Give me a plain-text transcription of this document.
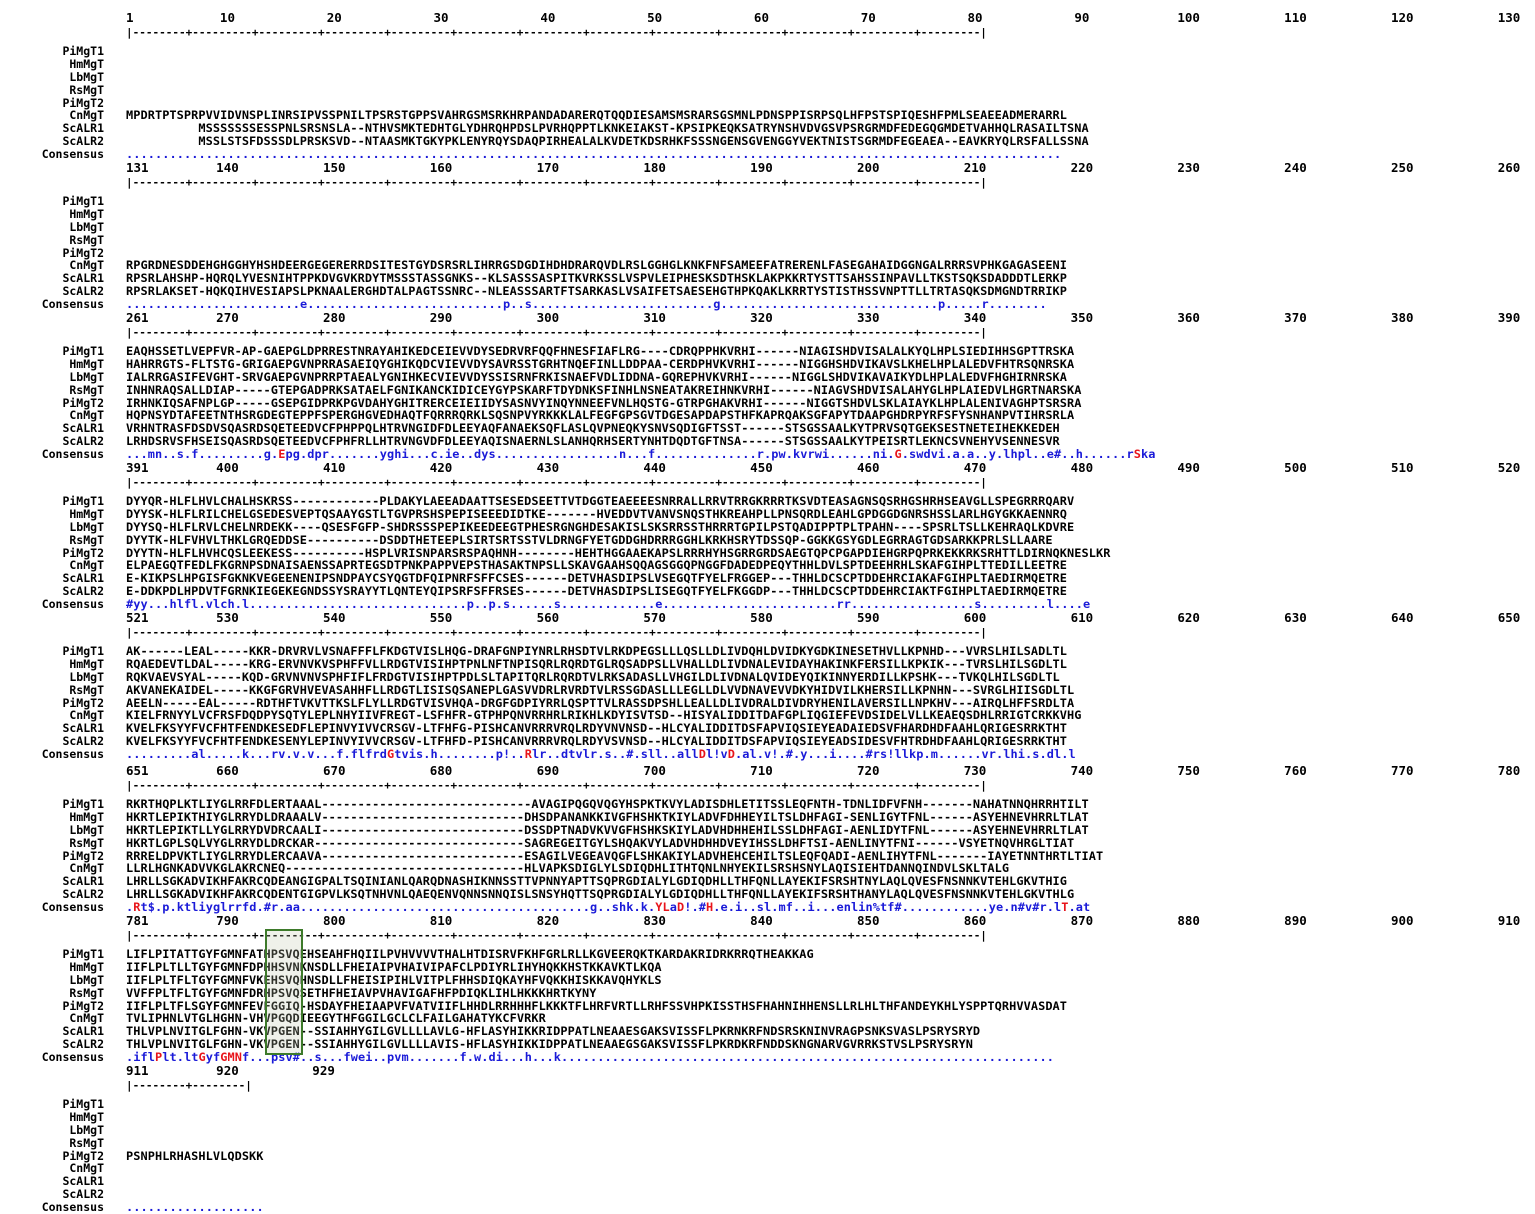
1	10	20	30	40	50	60	70	80	90	100	110	120	130
|--------+---------+---------+---------+---------+---------+---------+---------+---------+---------+---------+---------+---------|
PiMgT1
HmMgT
LbMgT
RsMgT
PiMgT2
CnMgT MPDRTPTSPRPVVIDVNSPLINRSIPVSSPNILTPSRSTGPPSVAHRGSMSRKHRPANDADARERQTQQDIESAMSMSRARSGSMNLPDNSPPISRPSQLHFPSTSPIQESHFPMLSEAEEADMERARRL
ScALR1 MSSSSSSSESSPNLSRSNSLA--NTHVSMKTEDHTGLYDHRQHPDSLPVRHQPPTLKNKEIAKST-KPSIPKEQKSATRYNSHVDVGSVPSRGRMDFEDEGQGMDETVAHHQLRASAILTSNA
ScALR2 MSSLSTSFDSSSDLPRSKSVD--NTAASMKTGKYPKLENYRQYSDAQPIRHEALALKVDETKDSRHKFSSSNGENSGVENGGYVEKTNISTSGRMDFEGEAEA--EAVKRYQLRSFALLSSNA
Consensus .................................................................................................................................
131	140	150	160	170	180	190	200	210	220	230	240	250	260
|--------+---------+---------+---------+---------+---------+---------+---------+---------+---------+---------+---------+---------|
PiMgT1

HmMgT

LbMgT

RsMgT

PiMgT2

CnMgT RPGRDNESDDEHGHGGHYHSHDEERGEGERERRDSITESTGYDSRSRLIHRRGSDGDIHDHDRARQVDLRSLGGHGLKNKFNFSAMEEFATRERENLFASEGAHAIDGGNGALRRRSVPHKGAGASEENI
ScALR1 RPSRLAHSHP-HQRQLYVESNIHTPPKDVGVKRDYTMSSSTASSGNKS--KLSASSSASPITKVRKSSLVSPVLEIPHESKSDTHSKLAKPKKRTYSTTSAHSSINPAVLLTKSTSQKSDADDDTLERKP
ScALR2 RPSRLAKSET-HQKQIHVESIAPSLPKNAALERGHDTALPAGTSSNRC--NLEASSSARTFTSARKASLVSAIFETSAESEHGTHPKQAKLKRRTYSTISTHSSVNPTTLLTRTASQKSDMGNDTRRIKP
Consensus ........................e...........................p..s.........................g..............................p.....r........
261	270	280	290	300	310	320	330	340	350	360	370	380	390
|--------+---------+---------+---------+---------+---------+---------+---------+---------+---------+---------+---------+---------|
PiMgT1 EAQHSSETLVEPFVR-AP-GAEPGLDPRRESTNRAYAHIKEDCEIEVVDYSEDRVRFQQFHNESFIAFLRG----CDRQPPHKVRHI------NIAGISHDVISALALKYQLHPLSIEDIHHSGPTTRSKA
HmMgT HAHRRGTS-FLTSTG-GRIGAEPGVNPRRASAEIQYGHIKQDCVIEVVDYSAVRSSTGRHTNQEFINLLDDPAA-CERDPHVKVRHI------NIGGHSHDVIKAVSLKHELHPLALEDVFHTRSQNRSKA
LbMgT IALRRGASIFEVGHT-SRVGAEPGVNPRRPTAEALYGNIHKECVIEVVDYSSISRNFRKISNAEFVDLIDDNA-GQREPHVKVRHI------NIGGLSHDVIKAVAIKYDLHPLALEDVFHGHIRNRSKA
RsMgT INHNRAQSALLDIAP-----GTEPGADPRKSATAELFGNIKANCKIDICEYGYPSKARFTDYDNKSFINHLNSNEATAKREIHNKVRHI------NIAGVSHDVISALAHYGLHPLAIEDVLHGRTNARSKA
PiMgT2 IRHNKIQSAFNPLGP-----GSEPGIDPRKPGVDAHYGHITRERCEIEIIDYSASNVYINQYNNEEFVNLHQSTG-GTRPGHAKVRHI------NIGGTSHDVLSKLAIAYKLHPLALENIVAGHPTSRSRA
CnMgT HQPNSYDTAFEETNTHSRGDEGTEPPFSPERGHGVEDHAQTFQRRRQRKLSQSNPVYRKKKLALFEGFGPSGVTDGESAPDAPSTHFKAPRQAKSGFAPYTDAAPGHDRPYRFSFYSNHANPVTIHRSRLA
ScALR1 VRHNTRASFDSDVSQASRDSQETEEDVCFPHPPQLHTRVNGIDFDLEEYAQFANAEKSQFLASLQVPNEQKYSNVSQDIGFTSST------STSGSSAALKYTPRVSQTGEKSESTNETEIHEKKEDEH
ScALR2 LRHDSRVSFHSEISQASRDSQETEEDVCFPHFRLLHTRVNGVDFDLEEYAQISNAERNLSLANHQRHSERTYNHTDQDTGFTNSA------STSGSSAALKYTPEISRTLEKNCSVNEHYVSENNESVR
Consensus ...mn..s.f.........g.Epg.dpr.......yghi...c.ie..dys.................n...f..............r.pw.kvrwi......ni.G.swdvi.a.a..y.lhpl..e#..h......rSka
391	400	410	420	430	440	450	460	470	480	490	500	510	520
|--------+---------+---------+---------+---------+---------+---------+---------+---------+---------+---------+---------+---------|
PiMgT1 DYYQR-HLFLHVLCHALHSKRSS------------PLDAKYLAEEADAATTSESEDSEETTVTDGGTEAEEEESNRRALLRRVTRRGKRRRTKSVDTEASAGNSQSRHGSHRHSEAVGLLSPEGRRRQARV
HmMgT DYYSK-HLFLRILCHELGSEDESVEPTQSAAYGSTLTGVPRSHSPEPISEEEDIDTKE-------HVEDDVTVANVSNQSTHKREAHPLLPNSQRDLEAHLGPDGGDGNRSHSSLARLHGYGKKAENNRQ
LbMgT DYYSQ-HLFLRVLCHELNRDEKK----QSESFGFP-SHDRSSSPEPIKEEDEEGTPHESRGNGHDESAKISLSKSRRSSTHRRRTGPILPSTQADIPPTPLTPAHN----SPSRLTSLLKEHRAQLKDVRE
RsMgT DYYTK-HLFVHVLTHKLGRQEDDSE----------DSDDTHETEEPLSIRTSRTSSTVLDRNGFYETGDDGHDRRRGGHLKRKHSRYTDSSQP-GGKKGSYGDLEGRRAGTGDSARKKPRLSLLAARE
PiMgT2 DYYTN-HLFLHVHCQSLEEKESS----------HSPLVRISNPARSRSPAQHNH--------HEHTHGGAAEKAPSLRRRHYHSGRRGRDSAEGTQPCPGAPDIEHGRPQPRKEKKRKSRHTTLDIRNQKNESLKR
CnMgT ELPAEGQTFEDLFKGRNPSDNAISAENSSAPRTEGSDTPNKPAPPVEPSTHASAKTNPSLLSKAVGAAHSQQAGSGGQPNGGFDADEDPEQYTHHLDVLSPTDEEHRHLSKAFGIHPLTTEDILLEETRE
ScALR1 E-KIKPSLHPGISFGKNKVEGEENENIPSNDPAYCSYQGTDFQIPNRFSFFCSES------DETVHASDIPSLVSEGQTFYELFRGGEP---THHLDCSCPTDDEHRCIAKAFGIHPLTAEDIRMQETRE
ScALR2 E-DDKPDLHPDVTFGRNKIEGEKEGNDSSYSRAYYTLQNTEYQIPSRFSFFRSES------DETVHASDIPSLISEGQTFYELFKGGDP---THHLDCSCPTDDEHRCIAKTFGIHPLTAEDIRMQETRE
Consensus #yy...hlfl.vlch.l..............................p..p.s......s.............e........................rr.................s.........l....e
521	530	540	550	560	570	580	590	600	610	620	630	640	650
|--------+---------+---------+---------+---------+---------+---------+---------+---------+---------+---------+---------+---------|
PiMgT1 AK------LEAL-----KKR-DRVRVLVSNAFFFLFKDGTVISLHQG-DRAFGNPIYNRLRHSDTVLRKDPEGSLLLQSLLDLIVDQHLDVIDKYGDKINESETHVLLKPNHD---VVRSLHILSADLTL
HmMgT RQAEDEVTLDAL-----KRG-ERVNVKVSPHFFVLLRDGTVISIHPTPNLNFTNPISQRLRQRDTGLRQSADPSLLVHALLDLIVDNALEVIDAYHAKINKFERSILLKPKIK---TVRSLHILSGDLTL
LbMgT RQKVAEVSYAL-----KQD-GRVNVNVSPHFIFLFRDGTVISIHPTPDLSLTAPITQRLRQRDTVLRKSADASLLVHGILDLIVDNALQVIDEYQIKINNYERDILLKPSHK---TVKQLHILSGDLTL
RsMgT AKVANEKAIDEL-----KKGFGRVHVEVASAHHFLLRDGTLISISQSANEPLGASVVDRLRVRDTVLRSSGDASLLLEGLLDLVVDNAVEVVDKYHIDVILKHERSILLKPNHN---SVRGLHIISGDLTL
PiMgT2 AEELN-----EAL-----RDTHFTVKVTTKSLFLYLLRDGTVISVHQA-DRGFGDPIYRRLQSPTTVLRASSDPSHLLEALLDLIVDRALDIVDRYHENILAVERSILLNPKHV---AIRQLHFFSRDLTA
CnMgT KIELFRNYYLVCFRSFDQDPYSQTYLEPLNHYIIVFREGT-LSFHFR-GTPHPQNVRRHRLRIKHLKDYISVTSD--HISYALIDDITDAFGPLIQGIEFEVDSIDELVLLKEAEQSDHLRRIGTCRKKVHG
ScALR1 KVELFKSYYFVCFHTFENDKESEDFLEPINVYIVVCRSGV-LTFHFG-PISHCANVRRRVRQLRDYVNVNSD--HLCYALIDDITDSFAPVIQSIEYEADAIEDSVFHARDHDFAAHLQRIGESRRKTHT
ScALR2 KVELFKSYYFVCFHTFENDKESENYLEPINVYIVVCRSGV-LTFHFD-PISHCANVRRRVRQLRDYVSVNSD--HLCYALIDDITDSFAPVIQSIEYEADSIDESVFHTRDHDFAAHLQRIGESRRKTHT
Consensus .........al.....k...rv.v.v...f.flfrdGtvis.h........p!..Rlr..dtvlr.s..#.sll..allDl!vD.al.v!.#.y...i....#rs!llkp.m......vr.lhi.s.dl.l
651	660	670	680	690	700	710	720	730	740	750	760	770	780
|--------+---------+---------+---------+---------+---------+---------+---------+---------+---------+---------+---------+---------|
PiMgT1 RKRTHQPLKTLIYGLRRFDLERTAAAL-----------------------------AVAGIPQGQVQGYHSPKTKVYLADISDHLETITSSLEQFNTH-TDNLIDFVFNH-------NAHATNNQHRRHTILT
HmMgT HKRTLEPIKTHIYGLRRYDLDRAAALV----------------------------DHSDPANANKKIVGFHSHKTKIYLADVFDHHEYILTSLDHFAGI-SENLIGYTFNL------ASYEHNEVHRRLTLAT
LbMgT HKRTLEPIKTLLYGLRRYDVDRCAALI----------------------------DSSDPTNADVKVVGFHSHKSKIYLADVHDHHEHILSSLDHFAGI-AENLIDYTFNL------ASYEHNEVHRRLTLAT
RsMgT HKRTLGPLSQLVYGLRRYDLDRCKAR-----------------------------SAGREGEITGYLSHQAKVYLADVHDHHDVEYIHSSLDHFTSI-AENLINYTFNI------VSYETNQVHRGLTIAT
PiMgT2 RRRELDPVKTLIYGLRRYDLERCAAVA----------------------------ESAGILVEGEAVQGFLSHKAKIYLADVHEHCEHILTSLEQFQADI-AENLIHYTFNL-------IAYETNNTHRTLTIAT
CnMgT LLRLHGNKADVVKGLAKRCNEQ---------------------------------HLVAPKSDIGLYLSDIQDHLITHTQNLNHYEKILSRSHSNYLAQISIEHTDANNQINDVLSKLTALG
ScALR1 LHRLLSGKADVIKHFAKRCQDEANGIGPALTSQINIANLQARQDNASHIKNNSSTTVPNNYAPTTSQPRGDIALYLGDIQDHLLTHFQNLLAYEKIFSRSHTNYLAQLQVESFNSNNKVTEHLGKVTHIG
ScALR2 LHRLLSGKADVIKHFAKRCQDENTGIGPVLKSQTNHVNLQAEQENVQNNSNNQISLSNSYHQTTSQPRGDIALYLGDIQDHLLTHFQNLLAYEKIFSRSHTHANYLAQLQVESFNSNNKVTEHLGKVTHLG
Consensus .Rt$.p.ktliyglrrfd.#r.aa........................................g..shk.k.YLaD!.#H.e.i..sl.mf..i...enlin%tf#............ye.n#v#r.lT.at
781	790	800	810	820	830	840	850	860	870	880	890	900	910
|--------+---------+---------+---------+---------+---------+---------+---------+---------+---------+---------+---------+---------|
PiMgT1 LIFLPITATTGYFGMNFATHPSVQEHSEAHFHQIILPVHVVVVTHALHTDISRVFKHFGRLRLLKGVEERQKTKARDAKRIDRKRRQTHEAKKAG
HmMgT IIFLPLTLLTGYFGMNFDPHHSVNKNSDLLFHEIAIPVHAIVIPAFCLPDIYRLIHYHQKKHSTKKAVKTLKQA
LbMgT IIFLPLTFLTGYFGMNFVKEHSVQHNSDLLFHEISIPIHLVITPLFHHSDIQKAYHFVQKKHISKKAVQHYKLS
RsMgT VVFFPLTFLTGYFGMNFDRHPSVQSETHFHEIAVPVHAVIGAFHFPDIQKLIHLHKKKHRTKYNY
PiMgT2 IIFLPLTFLSGYFGMNFEVFGGIQ-HSDAYFHEIAAPVFVATVIIFLHHDLRRHHHFLKKKTFLHRFVRTLLRHFSSVHPKISSTHSFHAHNIHHENSLLRLHLTHFANDEYKHLYSPPTQRHVVASDAT
CnMgT TVLIPHNLVTGLHGHN-VHVPGQDIEEGYTHFGGILGCLCLFAILGAHATYKCFVRKR
ScALR1 THLVPLNVITGLFGHN-VKVPGEN--SSIAHHYGILGVLLLLAVLG-HFLASYHIKKRIDPPATLNEAAESGAKSVISSFLPKRNKRFNDSRSKNINVRAGPSNKSVASLPSRYSRYD
ScALR2 THLVPLNVITGLFGHN-VKVPGEN--SSIAHHYGILGVLLLLAVIS-HFLASYHIKKIDPPATLNEAAEGSGAKSVISSFLPKRDKRFNDDSKNGNARVGVRRKSTVSLPSRYSRYN
Consensus .iflPlt.ltGyfGMNf...psv#..s...fwei..pvm.......f.w.di...h...k....................................................................
911	920	929
|--------+--------|
PiMgT1
HmMgT
LbMgT
RsMgT
PiMgT2 PSNPHLRHASHLVLQDSKK
CnMgT
ScALR1
ScALR2
Consensus ...................
